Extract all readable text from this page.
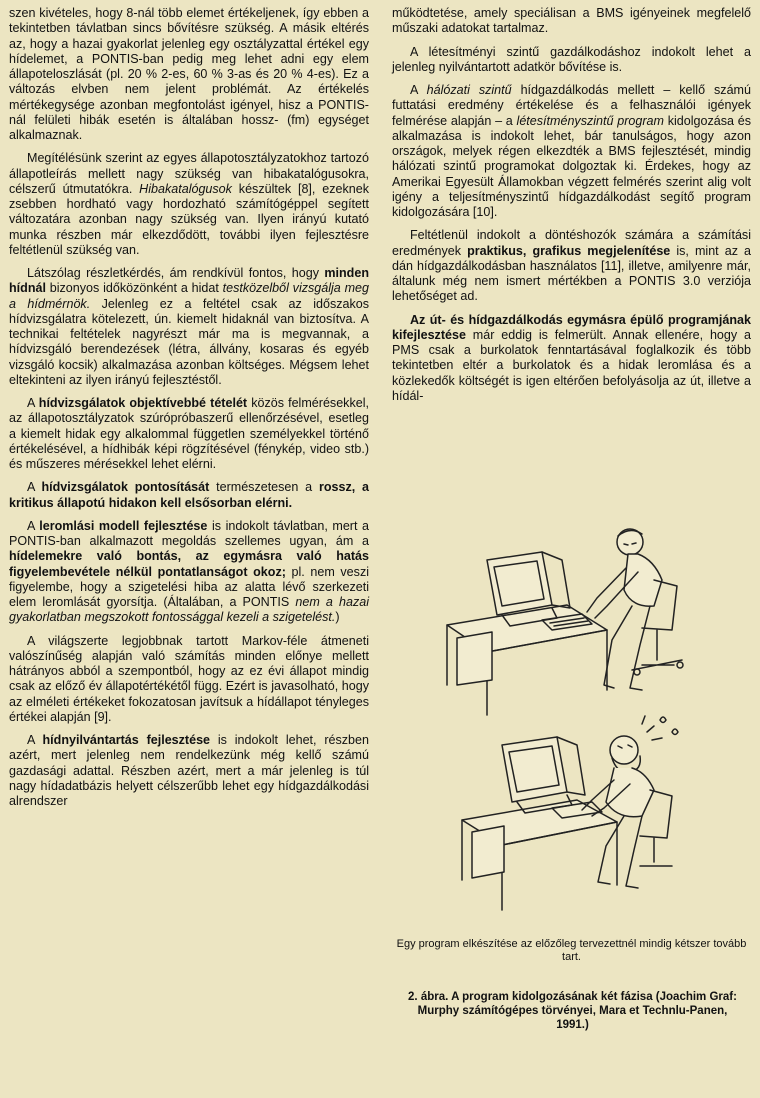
szen kivételes, hogy 8-nál több elemet értékeljenek, így ebben a tekintetben távlatban sincs bővítésre szükség. A másik eltérés az, hogy a hazai gyakorlat jelenleg egy osztályzattal értékel egy hídelemet, a PONTIS-ban pedig meg lehet adni egy elem állapoteloszlását (pl. 20 % 2-es, 60 % 3-as és 20 % 4-es). Ez a változás elvben nem jelent problémát. Az értékelés mértékegysége azonban megfontolást igényel, hisz a PONTIS-nál felületi hibák esetén is általában hossz- (fm) egységet alkalmaznak.

Megítélésünk szerint az egyes állapotosztályzatokhoz tartozó állapotleírás mellett nagy szükség van hibakatalógusokra, célszerű útmutatókra. Hibakatalógusok készültek [8], ezeknek zsebben hordható vagy hordozható számítógéppel segített változatára azonban nagy szükség van. Ilyen irányú kutató munka részben már elkezdődött, további ilyen fejlesztésre feltétlenül szükség van.

Látszólag részletkérdés, ám rendkívül fontos, hogy minden hídnál bizonyos időközönként a hidat testközelből vizsgálja meg a hídmérnök. Jelenleg ez a feltétel csak az időszakos hídvizsgálatra kötelezett, ún. kiemelt hidaknál van biztosítva. A technikai feltételek nagyrészt már ma is megvannak, a hídvizsgáló berendezések (létra, állvány, kosaras és egyéb vizsgáló kocsik) alkalmazása azonban költséges. Mégsem lehet eltekinteni az ilyen irányú fejlesztéstől.

A hídvizsgálatok objektívebbé tételét közös felmérésekkel, az állapotosztályzatok szúrópróbaszerű ellenőrzésével, esetleg a kiemelt hidak egy alkalommal független személyekkel történő értékelésével, a hídhibák képi rögzítésével (fénykép, video stb.) és műszeres mérésekkel lehet elérni.

A hídvizsgálatok pontosítását természetesen a rossz, a kritikus állapotú hidakon kell elsősorban elérni.

A leromlási modell fejlesztése is indokolt távlatban, mert a PONTIS-ban alkalmazott megoldás szellemes ugyan, ám a hídelemekre való bontás, az egymásra való hatás figyelembevétele nélkül pontatlanságot okoz; pl. nem veszi figyelembe, hogy a szigetelési hiba az alatta lévő szerkezeti elem leromlását gyorsítja. (Általában, a PONTIS nem a hazai gyakorlatban megszokott fontossággal kezeli a szigetelést.)

A világszerte legjobbnak tartott Markov-féle átmeneti valószínűség alapján való számítás minden előnye mellett hátrányos abból a szempontból, hogy az ez évi állapot mindig csak az előző év állapotértékétől függ. Ezért is javasolható, hogy az elméleti értékeket fokozatosan javítsuk a hídállapot tényleges értékei alapján [9].

A hídnyilvántartás fejlesztése is indokolt lehet, részben azért, mert jelenleg nem rendelkezünk még kellő számú gazdasági adattal. Részben azért, mert a már jelenleg is túl nagy hídadatbázis helyett célszerűbb lehet egy hídgazdálkodási alrendszer

működtetése, amely speciálisan a BMS igényeinek megfelelő műszaki adatokat tartalmaz.

A létesítményi szintű gazdálkodáshoz indokolt lehet a jelenleg nyilvántartott adatkör bővítése is.

A hálózati szintű hídgazdálkodás mellett – kellő számú futtatási eredmény értékelése és a felhasználói igények felmérése alapján – a létesítményszintű program kidolgozása és alkalmazása is indokolt lehet, bár tanulságos, hogy azon országok, melyek régen elkezdték a BMS fejlesztését, mindig hálózati szintű programokat dolgoztak ki. Érdekes, hogy az Amerikai Egyesült Államokban végzett felmérés szerint alig volt igény a teljesítményszintű hídgazdálkodást segítő program kidolgozására [10].

Feltétlenül indokolt a döntéshozók számára a számítási eredmények praktikus, grafikus megjelenítése is, mint az a dán hídgazdálkodásban használatos [11], illetve, amilyenre már, általunk még nem ismert mértékben a PONTIS 3.0 verziója lehetőséget ad.

Az út- és hídgazdálkodás egymásra épülő programjának kifejlesztése már eddig is felmerült. Annak ellenére, hogy a PMS csak a burkolatok fenntartásával foglalkozik és több tekintetben eltér a burkolatok és a hidak leromlása és a közlekedők költségét is igen eltérően befolyásolja az út, illetve a hídál-

Egy program elkészítése az előzőleg tervezettnél mindig kétszer tovább tart.
2. ábra. A program kidolgozásának két fázisa (Joachim Graf: Murphy számítógépes törvényei, Mara et Technlu-Panen, 1991.)
